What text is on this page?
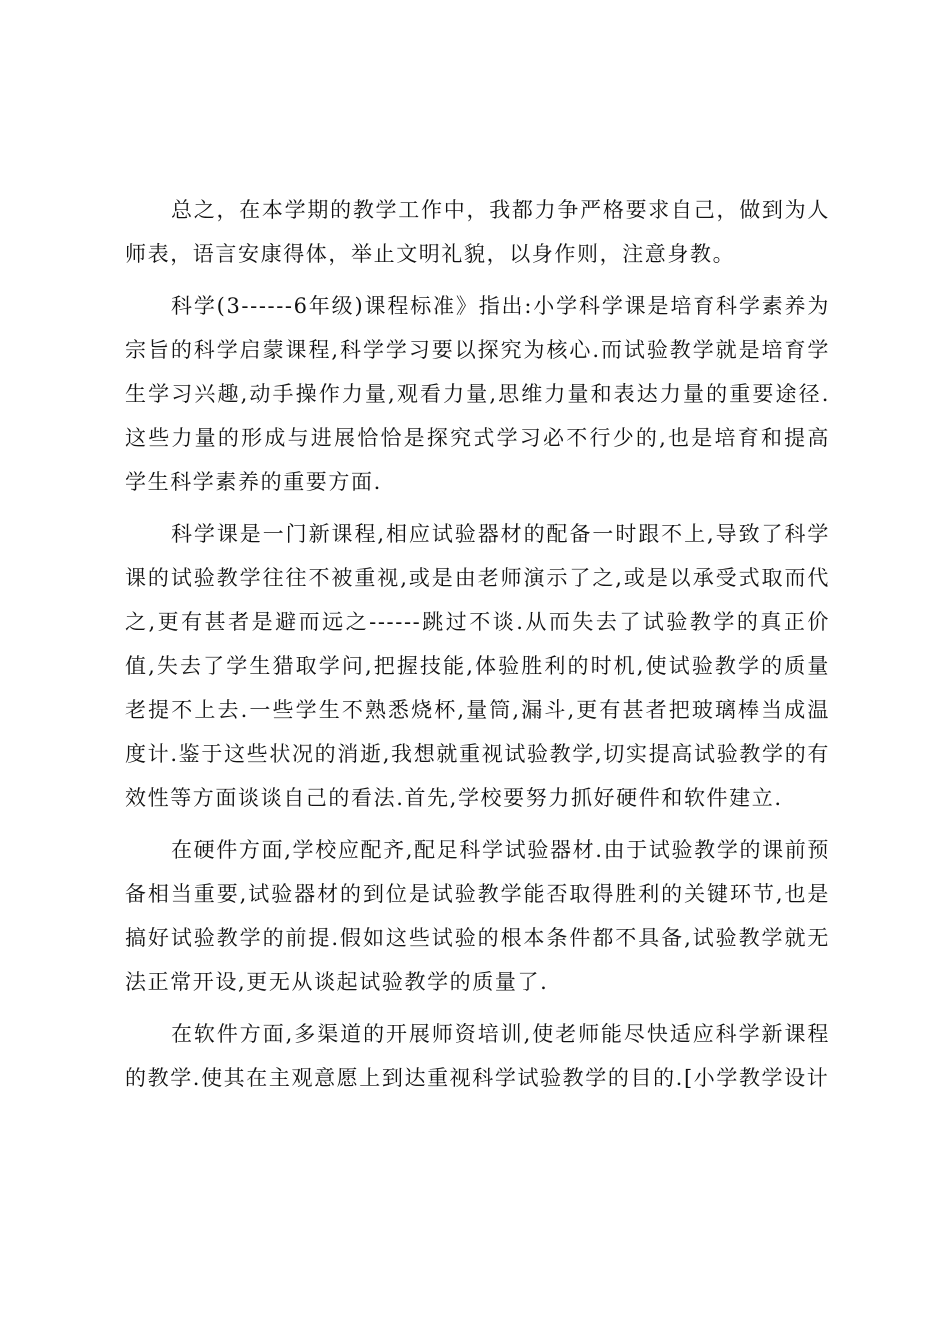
总之，在本学期的教学工作中，我都力争严格要求自己，做到为人师表，语言安康得体，举止文明礼貌，以身作则，注意身教。

科学(3------6年级)课程标准》指出:小学科学课是培育科学素养为宗旨的科学启蒙课程,科学学习要以探究为核心.而试验教学就是培育学生学习兴趣,动手操作力量,观看力量,思维力量和表达力量的重要途径.这些力量的形成与进展恰恰是探究式学习必不行少的,也是培育和提高学生科学素养的重要方面.

科学课是一门新课程,相应试验器材的配备一时跟不上,导致了科学课的试验教学往往不被重视,或是由老师演示了之,或是以承受式取而代之,更有甚者是避而远之------跳过不谈.从而失去了试验教学的真正价值,失去了学生猎取学问,把握技能,体验胜利的时机,使试验教学的质量老提不上去.一些学生不熟悉烧杯,量筒,漏斗,更有甚者把玻璃棒当成温度计.鉴于这些状况的消逝,我想就重视试验教学,切实提高试验教学的有效性等方面谈谈自己的看法.首先,学校要努力抓好硬件和软件建立.

在硬件方面,学校应配齐,配足科学试验器材.由于试验教学的课前预备相当重要,试验器材的到位是试验教学能否取得胜利的关键环节,也是搞好试验教学的前提.假如这些试验的根本条件都不具备,试验教学就无法正常开设,更无从谈起试验教学的质量了.

在软件方面,多渠道的开展师资培训,使老师能尽快适应科学新课程的教学.使其在主观意愿上到达重视科学试验教学的目的.[小学教学设计
